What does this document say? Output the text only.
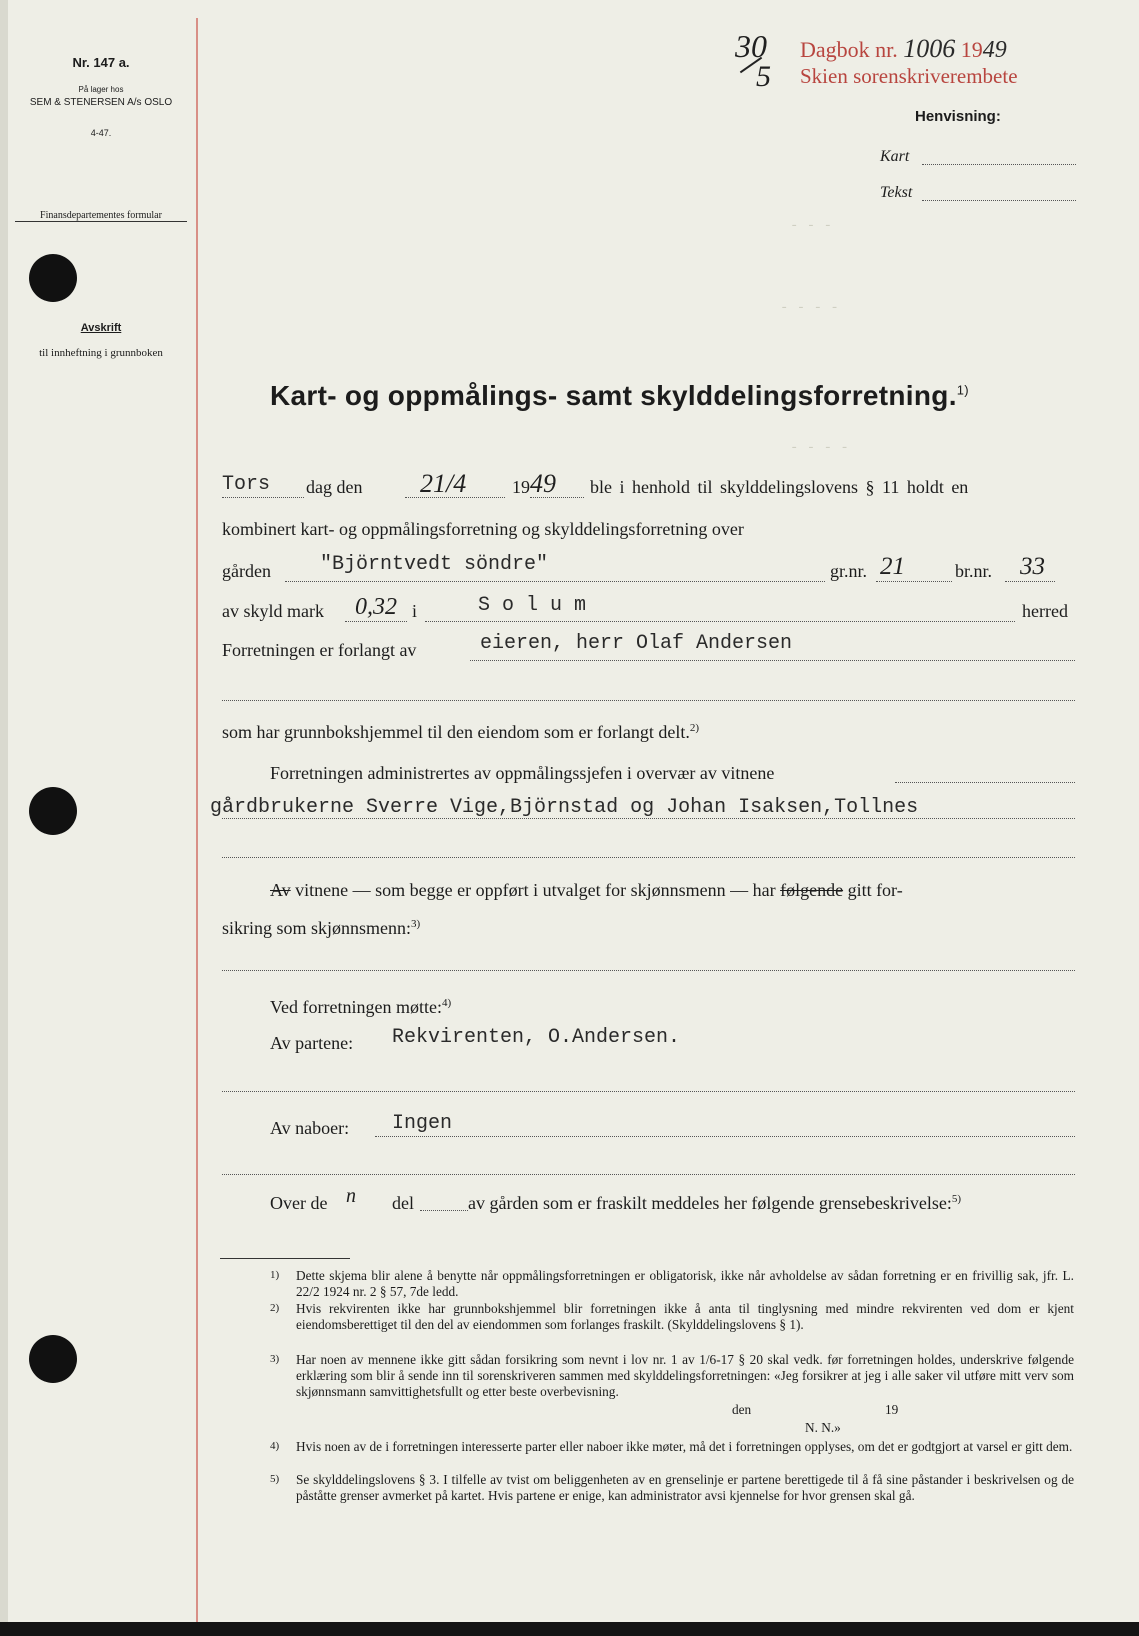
Nr. 147 a.
På lager hos
SEM & STENERSEN A/s OSLO
4-47.
Finansdepartementes formular
Avskrift
til innheftning i grunnboken
30
5
Dagbok nr. 1006 1949
Skien sorenskriverembete
Henvisning:
Kart
Tekst
- - -
- - - -
- - - -
Kart- og oppmålings- samt skylddelingsforretning.$^{1)}$
Tors dag den 21/4	19 49 ble i henhold til skylddelingslovens § 11 holdt en
kombinert kart- og oppmålingsforretning og skylddelingsforretning over
gården "Björntvedt söndre"	gr.nr. 21	br.nr. 33
av skyld mark 0,32 i	S o l u m	herred
Forretningen er forlangt av	eieren, herr Olaf Andersen
som har grunnbokshjemmel til den eiendom som er forlangt delt.$^{2)}$
Forretningen administrertes av oppmålingssjefen i overvær av vitnene
gårdbrukerne Sverre Vige,Björnstad og Johan Isaksen,Tollnes
Av vitnene — som begge er oppført i utvalget for skjønnsmenn — har følgende gitt for-
sikring som skjønnsmenn:$^{3)}$
Ved forretningen møtte:$^{4)}$
Av partene: Rekvirenten, O.Andersen.
Av naboer: Ingen
Over de n del	av gården som er fraskilt meddeles her følgende grensebeskrivelse:$^{5)}$
1) Dette skjema blir alene å benytte når oppmålingsforretningen er obligatorisk, ikke når avholdelse av sådan forretning er en frivillig sak, jfr. L. 22/2 1924 nr. 2 § 57, 7de ledd.
2) Hvis rekvirenten ikke har grunnbokshjemmel blir forretningen ikke å anta til tinglysning med mindre rekvirenten ved dom er kjent eiendomsberettiget til den del av eiendommen som forlanges fraskilt. (Skylddelingslovens § 1).
3) Har noen av mennene ikke gitt sådan forsikring som nevnt i lov nr. 1 av 1/6-17 § 20 skal vedk. før forretningen holdes, underskrive følgende erklæring som blir å sende inn til sorenskriveren sammen med skylddelingsforretningen: «Jeg forsikrer at jeg i alle saker vil utføre mitt verv som skjønnsmann samvittighetsfullt og etter beste overbevisning.
den	19
N. N.»
4) Hvis noen av de i forretningen interesserte parter eller naboer ikke møter, må det i forretningen opplyses, om det er godtgjort at varsel er gitt dem.
5) Se skylddelingslovens § 3. I tilfelle av tvist om beliggenheten av en grenselinje er partene berettigede til å få sine påstander i beskrivelsen og de påståtte grenser avmerket på kartet. Hvis partene er enige, kan administrator avsi kjennelse for hvor grensen skal gå.
